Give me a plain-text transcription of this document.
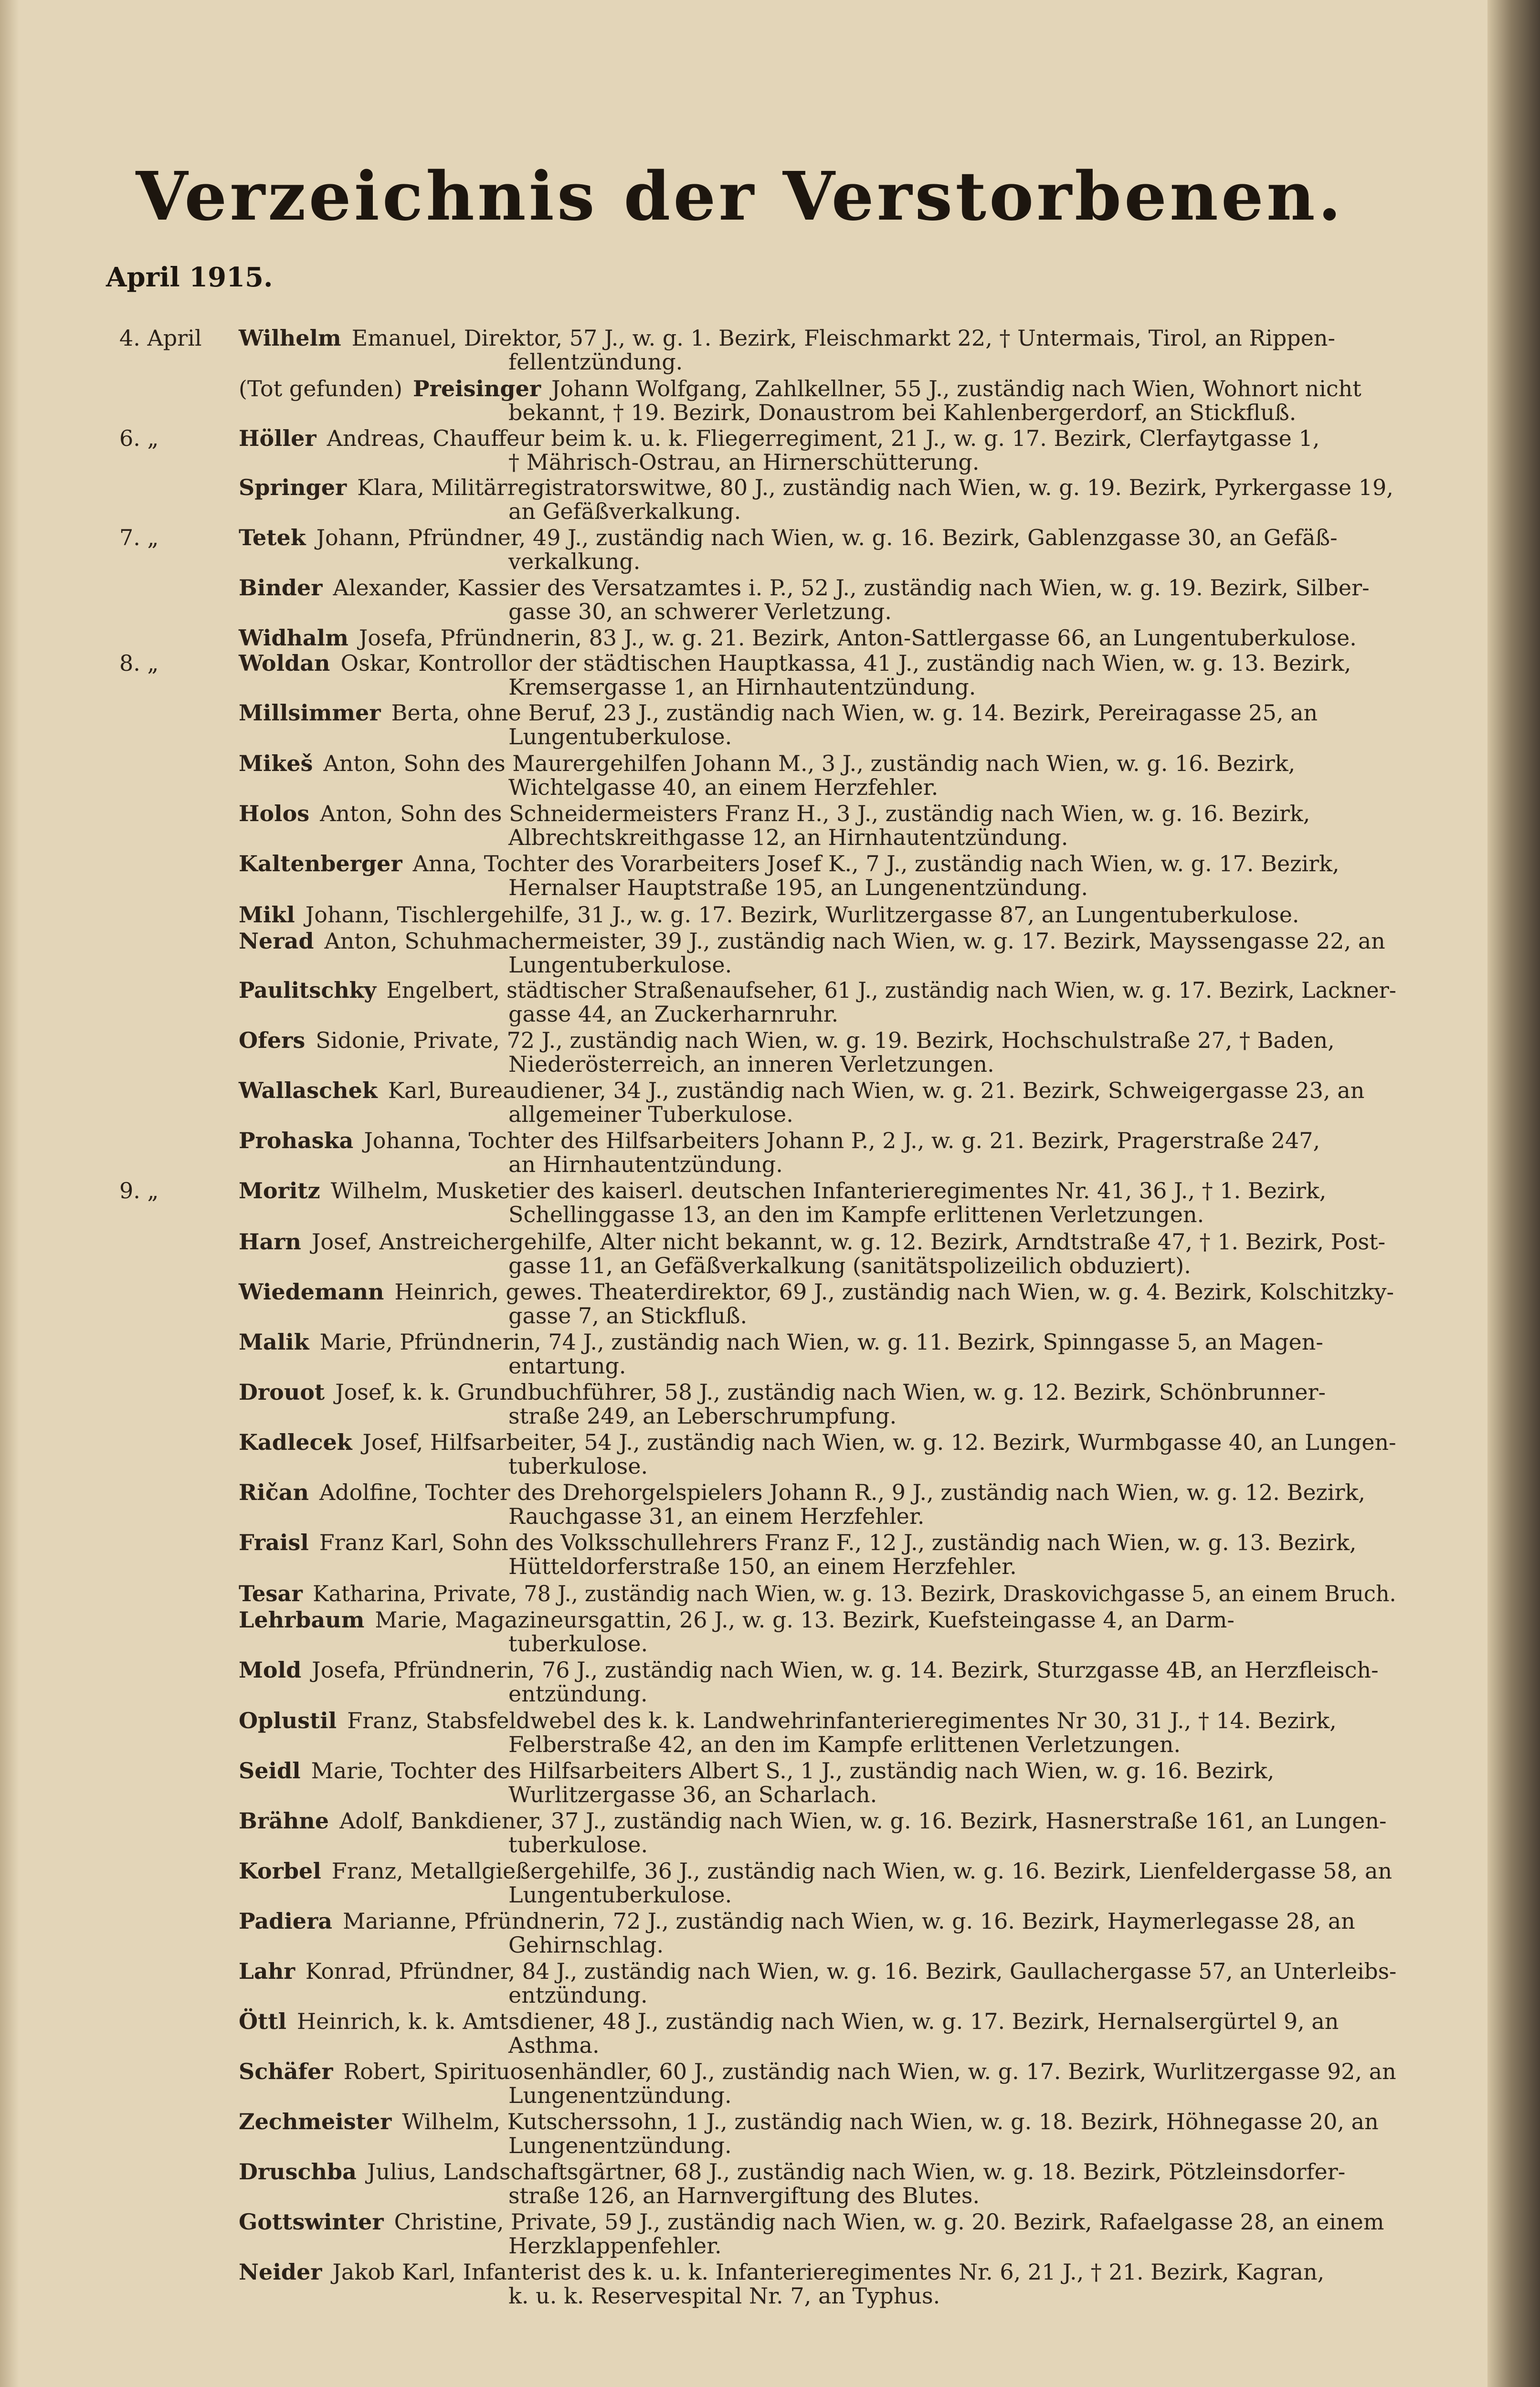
Verzeichnis der Verstorbenen.
April 1915.
4. April	Wilhelm Emanuel, Direktor, 57 J., w. g. 1. Bezirk, Fleischmarkt 22, † Untermais, Tirol, an Rippen-
fellentzündung.
(Tot gefunden) Preisinger Johann Wolfgang, Zahlkellner, 55 J., zuständig nach Wien, Wohnort nicht
bekannt, † 19. Bezirk, Donaustrom bei Kahlenbergerdorf, an Stickfluß.
6. „	Höller Andreas, Chauffeur beim k. u. k. Fliegerregiment, 21 J., w. g. 17. Bezirk, Clerfaytgasse 1,
† Mährisch-Ostrau, an Hirnerschütterung.
Springer Klara, Militärregistratorswitwe, 80 J., zuständig nach Wien, w. g. 19. Bezirk, Pyrkergasse 19,
an Gefäßverkalkung.
7. „	Tetek Johann, Pfründner, 49 J., zuständig nach Wien, w. g. 16. Bezirk, Gablenzgasse 30, an Gefäß-
verkalkung.
Binder Alexander, Kassier des Versatzamtes i. P., 52 J., zuständig nach Wien, w. g. 19. Bezirk, Silber-
gasse 30, an schwerer Verletzung.
Widhalm Josefa, Pfründnerin, 83 J., w. g. 21. Bezirk, Anton-Sattlergasse 66, an Lungentuberkulose.
8. „	Woldan Oskar, Kontrollor der städtischen Hauptkassa, 41 J., zuständig nach Wien, w. g. 13. Bezirk,
Kremsergasse 1, an Hirnhautentzündung.
Millsimmer Berta, ohne Beruf, 23 J., zuständig nach Wien, w. g. 14. Bezirk, Pereiragasse 25, an
Lungentuberkulose.
Mikeš Anton, Sohn des Maurergehilfen Johann M., 3 J., zuständig nach Wien, w. g. 16. Bezirk,
Wichtelgasse 40, an einem Herzfehler.
Holos Anton, Sohn des Schneidermeisters Franz H., 3 J., zuständig nach Wien, w. g. 16. Bezirk,
Albrechtskreithgasse 12, an Hirnhautentzündung.
Kaltenberger Anna, Tochter des Vorarbeiters Josef K., 7 J., zuständig nach Wien, w. g. 17. Bezirk,
Hernalser Hauptstraße 195, an Lungenentzündung.
Mikl Johann, Tischlergehilfe, 31 J., w. g. 17. Bezirk, Wurlitzergasse 87, an Lungentuberkulose.
Nerad Anton, Schuhmachermeister, 39 J., zuständig nach Wien, w. g. 17. Bezirk, Mayssengasse 22, an
Lungentuberkulose.
Paulitschky Engelbert, städtischer Straßenaufseher, 61 J., zuständig nach Wien, w. g. 17. Bezirk, Lackner-
gasse 44, an Zuckerharnruhr.
Ofers Sidonie, Private, 72 J., zuständig nach Wien, w. g. 19. Bezirk, Hochschulstraße 27, † Baden,
Niederösterreich, an inneren Verletzungen.
Wallaschek Karl, Bureaudiener, 34 J., zuständig nach Wien, w. g. 21. Bezirk, Schweigergasse 23, an
allgemeiner Tuberkulose.
Prohaska Johanna, Tochter des Hilfsarbeiters Johann P., 2 J., w. g. 21. Bezirk, Pragerstraße 247,
an Hirnhautentzündung.
9. „	Moritz Wilhelm, Musketier des kaiserl. deutschen Infanterieregimentes Nr. 41, 36 J., † 1. Bezirk,
Schellinggasse 13, an den im Kampfe erlittenen Verletzungen.
Harn Josef, Anstreichergehilfe, Alter nicht bekannt, w. g. 12. Bezirk, Arndtstraße 47, † 1. Bezirk, Post-
gasse 11, an Gefäßverkalkung (sanitätspolizeilich obduziert).
Wiedemann Heinrich, gewes. Theaterdirektor, 69 J., zuständig nach Wien, w. g. 4. Bezirk, Kolschitzky-
gasse 7, an Stickfluß.
Malik Marie, Pfründnerin, 74 J., zuständig nach Wien, w. g. 11. Bezirk, Spinngasse 5, an Magen-
entartung.
Drouot Josef, k. k. Grundbuchführer, 58 J., zuständig nach Wien, w. g. 12. Bezirk, Schönbrunner-
straße 249, an Leberschrumpfung.
Kadlecek Josef, Hilfsarbeiter, 54 J., zuständig nach Wien, w. g. 12. Bezirk, Wurmbgasse 40, an Lungen-
tuberkulose.
Ričan Adolfine, Tochter des Drehorgelspielers Johann R., 9 J., zuständig nach Wien, w. g. 12. Bezirk,
Rauchgasse 31, an einem Herzfehler.
Fraisl Franz Karl, Sohn des Volksschullehrers Franz F., 12 J., zuständig nach Wien, w. g. 13. Bezirk,
Hütteldorferstraße 150, an einem Herzfehler.
Tesar Katharina, Private, 78 J., zuständig nach Wien, w. g. 13. Bezirk, Draskovichgasse 5, an einem Bruch.
Lehrbaum Marie, Magazineursgattin, 26 J., w. g. 13. Bezirk, Kuefsteingasse 4, an Darm-
tuberkulose.
Mold Josefa, Pfründnerin, 76 J., zuständig nach Wien, w. g. 14. Bezirk, Sturzgasse 4B, an Herzfleisch-
entzündung.
Oplustil Franz, Stabsfeldwebel des k. k. Landwehrinfanterieregimentes Nr 30, 31 J., † 14. Bezirk,
Felberstraße 42, an den im Kampfe erlittenen Verletzungen.
Seidl Marie, Tochter des Hilfsarbeiters Albert S., 1 J., zuständig nach Wien, w. g. 16. Bezirk,
Wurlitzergasse 36, an Scharlach.
Brähne Adolf, Bankdiener, 37 J., zuständig nach Wien, w. g. 16. Bezirk, Hasnerstraße 161, an Lungen-
tuberkulose.
Korbel Franz, Metallgießergehilfe, 36 J., zuständig nach Wien, w. g. 16. Bezirk, Lienfeldergasse 58, an
Lungentuberkulose.
Padiera Marianne, Pfründnerin, 72 J., zuständig nach Wien, w. g. 16. Bezirk, Haymerlegasse 28, an
Gehirnschlag.
Lahr Konrad, Pfründner, 84 J., zuständig nach Wien, w. g. 16. Bezirk, Gaullachergasse 57, an Unterleibs-
entzündung.
Öttl Heinrich, k. k. Amtsdiener, 48 J., zuständig nach Wien, w. g. 17. Bezirk, Hernalsergürtel 9, an
Asthma.
Schäfer Robert, Spirituosenhändler, 60 J., zuständig nach Wien, w. g. 17. Bezirk, Wurlitzergasse 92, an
Lungenentzündung.
Zechmeister Wilhelm, Kutscherssohn, 1 J., zuständig nach Wien, w. g. 18. Bezirk, Höhnegasse 20, an
Lungenentzündung.
Druschba Julius, Landschaftsgärtner, 68 J., zuständig nach Wien, w. g. 18. Bezirk, Pötzleinsdorfer-
straße 126, an Harnvergiftung des Blutes.
Gottswinter Christine, Private, 59 J., zuständig nach Wien, w. g. 20. Bezirk, Rafaelgasse 28, an einem
Herzklappenfehler.
Neider Jakob Karl, Infanterist des k. u. k. Infanterieregimentes Nr. 6, 21 J., † 21. Bezirk, Kagran,
k. u. k. Reservespital Nr. 7, an Typhus.
